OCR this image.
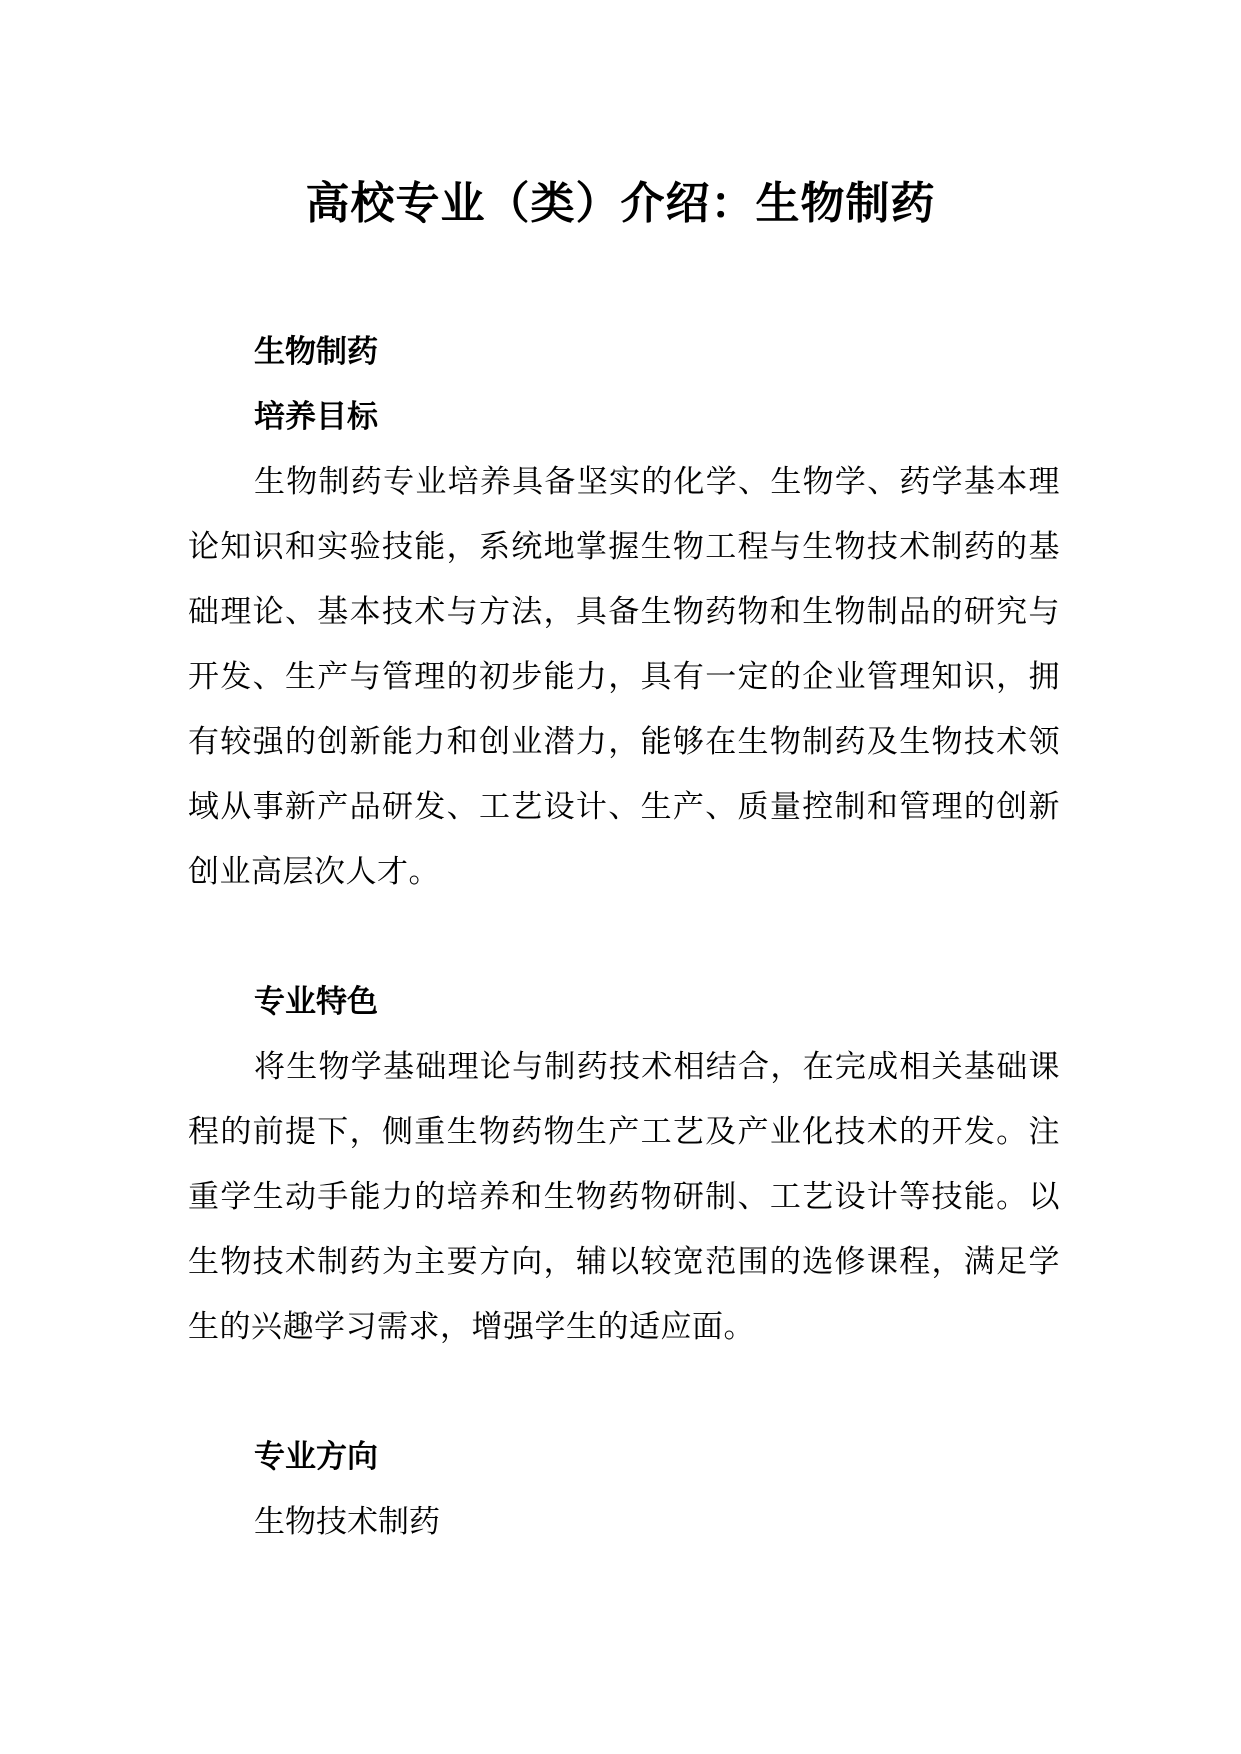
高校专业（类）介绍：生物制药

生物制药

培养目标

生物制药专业培养具备坚实的化学、生物学、药学基本理论知识和实验技能，系统地掌握生物工程与生物技术制药的基础理论、基本技术与方法，具备生物药物和生物制品的研究与开发、生产与管理的初步能力，具有一定的企业管理知识，拥有较强的创新能力和创业潜力，能够在生物制药及生物技术领域从事新产品研发、工艺设计、生产、质量控制和管理的创新创业高层次人才。

专业特色

将生物学基础理论与制药技术相结合，在完成相关基础课程的前提下，侧重生物药物生产工艺及产业化技术的开发。注重学生动手能力的培养和生物药物研制、工艺设计等技能。以生物技术制药为主要方向，辅以较宽范围的选修课程，满足学生的兴趣学习需求，增强学生的适应面。

专业方向

生物技术制药
